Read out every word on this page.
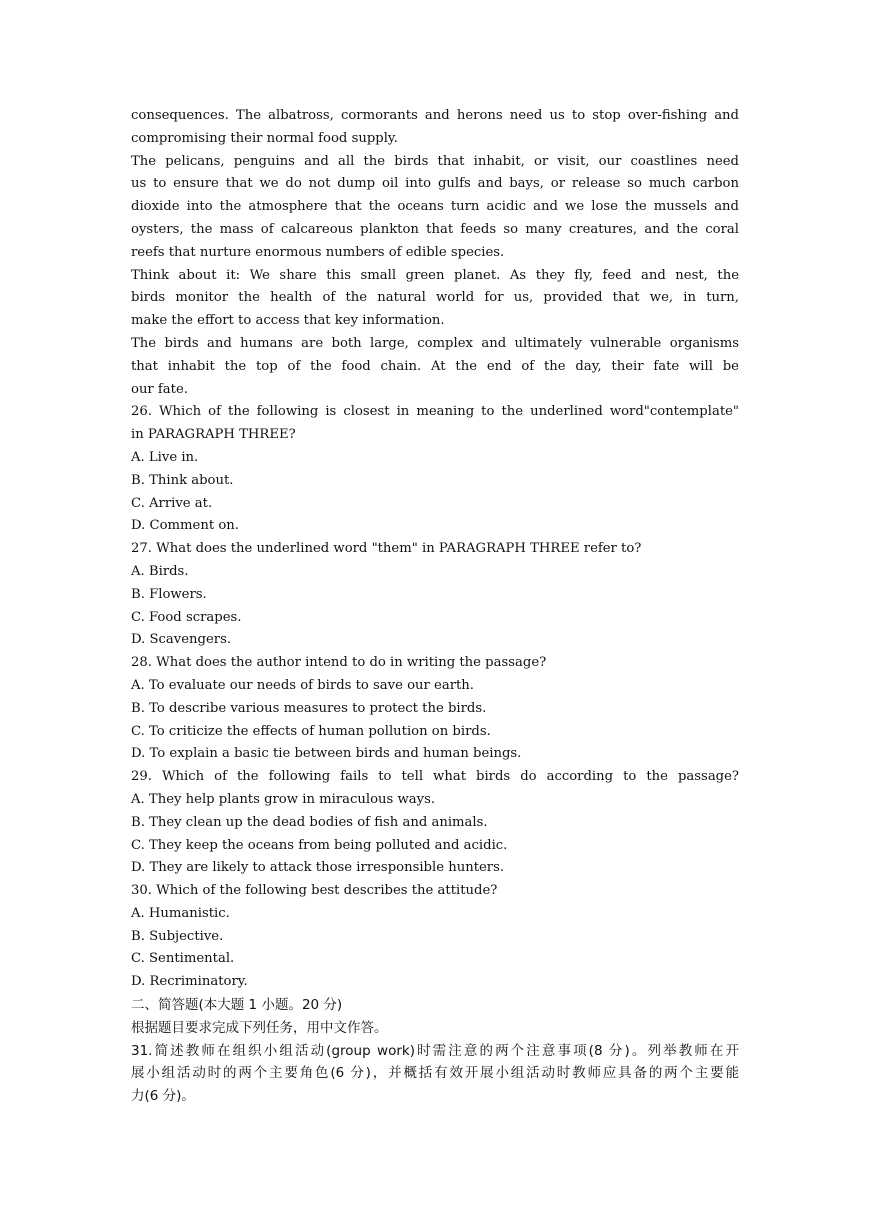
consequences. The albatross, cormorants and herons need us to stop over-fishing and
compromising their normal food supply.
The pelicans, penguins and all the birds that inhabit, or visit, our coastlines need
us to ensure that we do not dump oil into gulfs and bays, or release so much carbon
dioxide into the atmosphere that the oceans turn acidic and we lose the mussels and
oysters, the mass of calcareous plankton that feeds so many creatures, and the coral
reefs that nurture enormous numbers of edible species.
Think about it: We share this small green planet. As they fly, feed and nest, the
birds monitor the health of the natural world for us, provided that we, in turn,
make the effort to access that key information.
The birds and humans are both large, complex and ultimately vulnerable organisms
that inhabit the top of the food chain. At the end of the day, their fate will be
our fate.
26. Which of the following is closest in meaning to the underlined word"contemplate"
in PARAGRAPH THREE?
A. Live in.
B. Think about.
C. Arrive at.
D. Comment on.
27. What does the underlined word "them" in PARAGRAPH THREE refer to?
A. Birds.
B. Flowers.
C. Food scrapes.
D. Scavengers.
28. What does the author intend to do in writing the passage?
A. To evaluate our needs of birds to save our earth.
B. To describe various measures to protect the birds.
C. To criticize the effects of human pollution on birds.
D. To explain a basic tie between birds and human beings.
29. Which of the following fails to tell what birds do according to the passage?
A. They help plants grow in miraculous ways.
B. They clean up the dead bodies of fish and animals.
C. They keep the oceans from being polluted and acidic.
D. They are likely to attack those irresponsible hunters.
30. Which of the following best describes the attitude?
A. Humanistic.
B. Subjective.
C. Sentimental.
D. Recriminatory.
二、简答题(本大题 1 小题。20 分)
根据题目要求完成下列任务，用中文作答。
31.简述教师在组织小组活动(group work)时需注意的两个注意事项(8 分)。列举教师在开
展小组活动时的两个主要角色(6 分)，并概括有效开展小组活动时教师应具备的两个主要能
力(6 分)。
